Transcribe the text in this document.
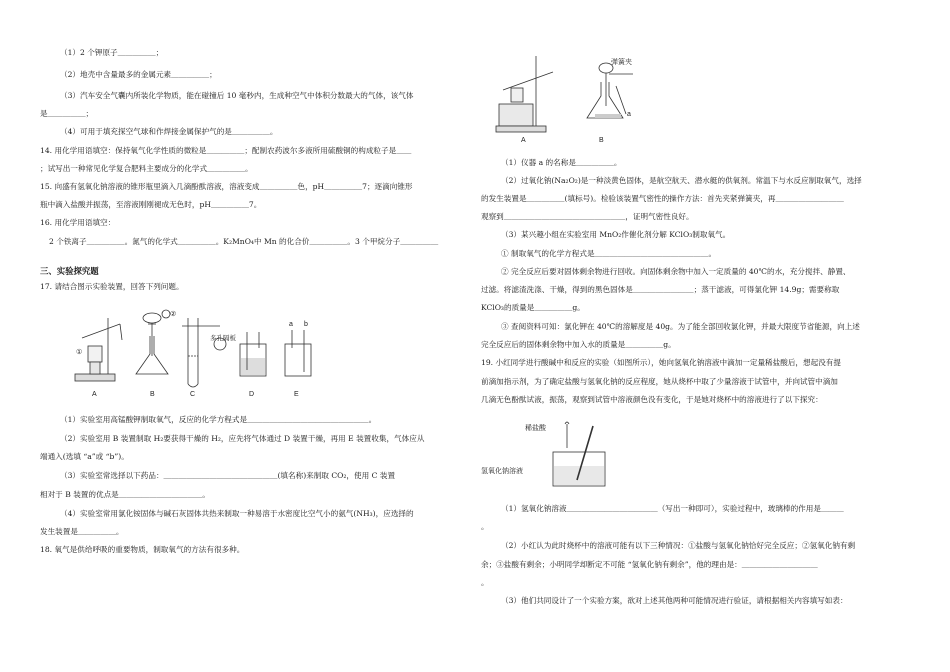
（1）2 个钾原子＿＿＿＿＿；
（2）地壳中含量最多的金属元素＿＿＿＿＿；
（3）汽车安全气囊内所装化学物质，能在碰撞后 10 毫秒内，生成种空气中体积分数最大的气体，该气体
是＿＿＿＿＿；
（4）可用于填充探空气球和作焊接金属保护气的是＿＿＿＿＿。
14. 用化学用语填空：保持氧气化学性质的微粒是＿＿＿＿＿；配制农药波尔多液所用硫酸铜的构成粒子是＿＿
；试写出一种常见化学复合肥料主要成分的化学式＿＿＿＿＿。
15. 向盛有氢氧化钠溶液的锥形瓶里滴入几滴酚酞溶液，溶液变成＿＿＿＿＿色，pH＿＿＿＿＿7；逐滴向锥形
瓶中滴入盐酸并振荡，至溶液刚刚褪成无色时，pH＿＿＿＿＿7。
16. 用化学用语填空：
2 个铁离子＿＿＿＿＿。氮气的化学式＿＿＿＿＿。K₂MnO₄中 Mn 的化合价＿＿＿＿＿。3 个甲烷分子＿＿＿＿＿
三、实验探究题
17. 请结合图示实验装置，回答下列问题。
①
②
多孔隔板
a b
A	B	C	D	E
（1）实验室用高锰酸钾制取氧气，反应的化学方程式是＿＿＿＿＿＿＿＿＿＿＿＿＿＿＿＿。
（2）实验室用 B 装置制取 H₂要获得干燥的 H₂，应先将气体通过 D 装置干燥，再用 E 装置收集，气体应从
端通入(选填 “a”或 “b”)。
（3）实验室常选择以下药品：＿＿＿＿＿＿＿＿＿＿＿＿＿＿＿(填名称)来制取 CO₂，使用 C 装置
相对于 B 装置的优点是＿＿＿＿＿＿＿＿＿＿＿。
（4）实验室常用氯化铵固体与碱石灰固体共热来制取一种易溶于水密度比空气小的氨气(NH₃)，应选择的
发生装置是＿＿＿＿＿。
18. 氧气是供给呼吸的重要物质，制取氧气的方法有很多种。
弹簧夹
a
A	B
（1）仪器 a 的名称是＿＿＿＿＿。
（2）过氧化钠(Na₂O₂)是一种淡黄色固体，是航空航天、潜水艇的供氧剂。常温下与水反应制取氧气，选择
的发生装置是＿＿＿＿＿(填标号)。检验该装置气密性的操作方法：首先夹紧弹簧夹，再＿＿＿＿＿＿＿＿＿
观察到＿＿＿＿＿＿＿＿＿＿＿＿＿＿＿＿，证明气密性良好。
（3）某兴趣小组在实验室用 MnO₂作催化剂分解 KClO₃制取氧气。
① 制取氧气的化学方程式是＿＿＿＿＿＿＿＿＿＿＿＿＿＿＿。
② 完全反应后要对固体剩余物进行回收。向固体剩余物中加入一定质量的 40℃的水，充分搅拌、静置、
过滤。将滤渣洗涤、干燥，得到的黑色固体是＿＿＿＿＿＿＿＿；蒸干滤液，可得氯化钾 14.9g；需要称取
KClO₃的质量是＿＿＿＿＿g。
③ 查阅资料可知：氯化钾在 40℃的溶解度是 40g。为了能全部回收氯化钾，并最大限度节省能源，向上述
完全反应后的固体剩余物中加入水的质量是＿＿＿＿＿g。
19. 小红同学进行酸碱中和反应的实验（如图所示），她向氢氧化钠溶液中滴加一定量稀盐酸后，想起没有提
前滴加指示剂，为了确定盐酸与氢氧化钠的反应程度，她从烧杯中取了少量溶液于试管中，并向试管中滴加
几滴无色酚酞试液，振荡，观察到试管中溶液颜色没有变化，于是她对烧杯中的溶液进行了以下探究：
稀盐酸
氢氧化钠溶液
（1）氢氧化钠溶液＿＿＿＿＿＿＿＿＿＿＿＿（写出一种即可），实验过程中，玻璃棒的作用是＿＿＿
。
（2）小红认为此时烧杯中的溶液可能有以下三种情况：①盐酸与氢氧化钠恰好完全反应；②氢氧化钠有剩
余；③盐酸有剩余；小明同学却断定不可能 “氢氧化钠有剩余”，他的理由是：＿＿＿＿＿＿＿＿＿＿
。
（3）他们共同设计了一个实验方案，欲对上述其他两种可能情况进行验证，请根据相关内容填写如表：
